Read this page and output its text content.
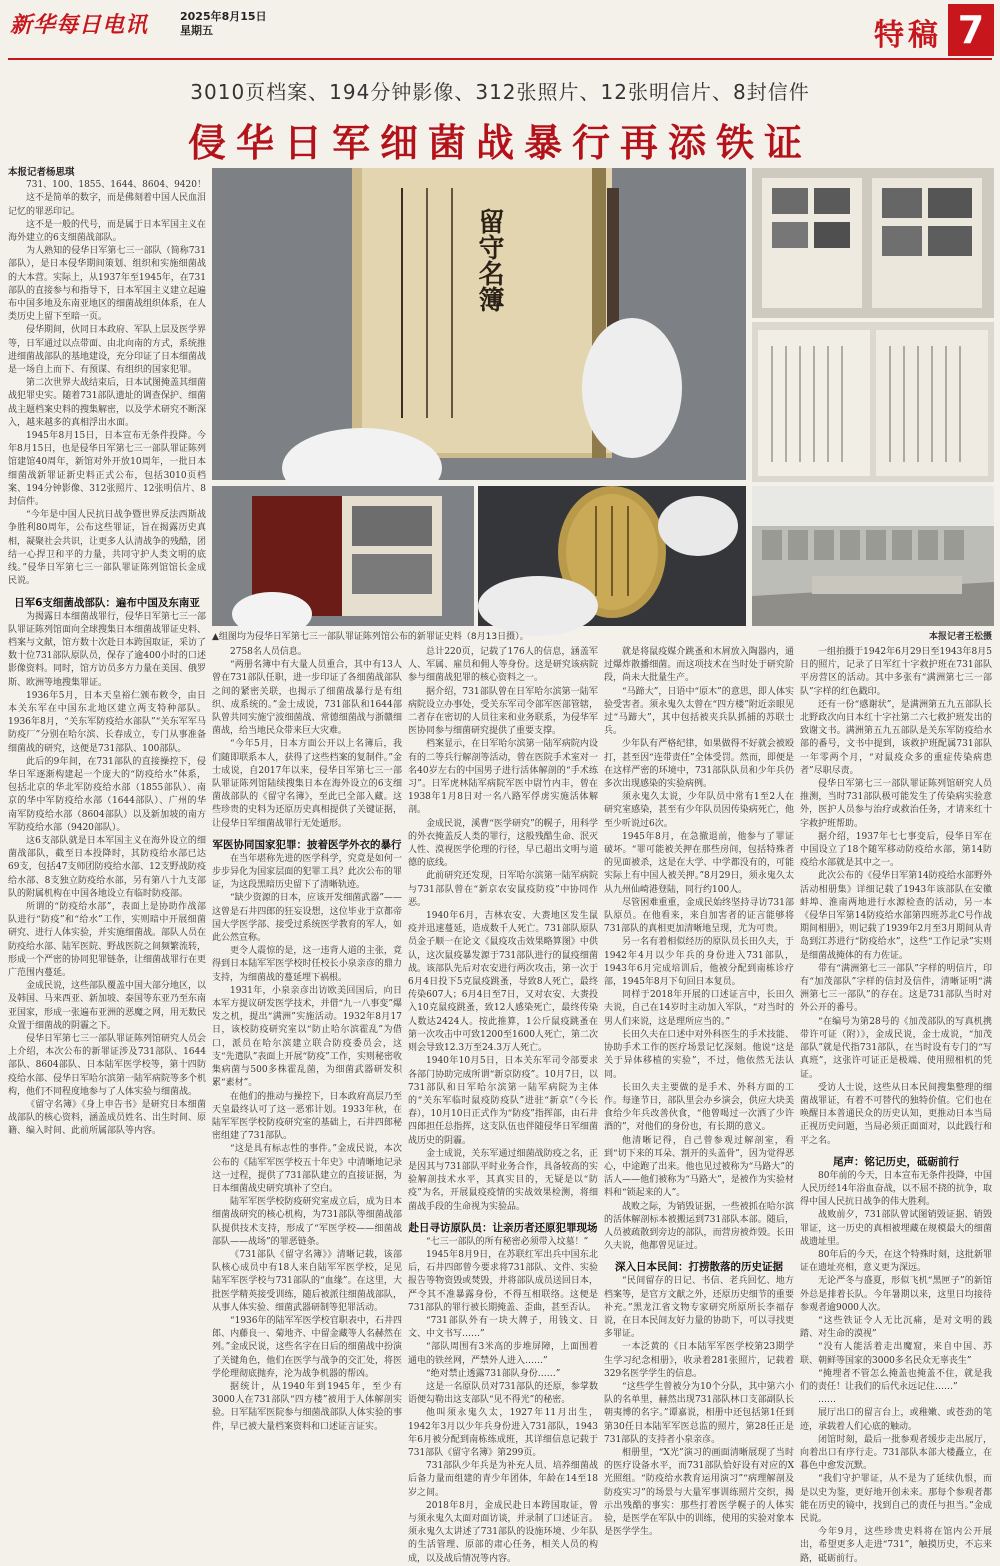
新华每日电讯	2025年8月15日
星期五	特稿 7
3010页档案、194分钟影像、312张照片、12张明信片、8封信件
侵华日军细菌战暴行再添铁证
留守名簿
▲组图均为侵华日军第七三一部队罪证陈列馆公布的新罪证史料（8月13日摄）。	本报记者王松摄

本报记者杨思琪

731、100、1855、1644、8604、9420！

这不是简单的数字，而是佛刻着中国人民血泪记忆的罪恶印记。

这不是一般的代号，而是属于日本军国主义在海外建立的6支细菌战部队。

为人熟知的侵华日军第七三一部队（简称731部队），是日本侵华期间策划、组织和实施细菌战的大本营。实际上，从1937年至1945年，在731部队的直接参与和指导下，日本军国主义建立起遍布中国多地及东南亚地区的细菌战组织体系，在人类历史上留下至暗一页。

侵华期间，伙同日本政府、军队上层及医学界等，日军通过以点带面、由北向南的方式，系统推进细菌战部队的基地建设，充分印证了日本细菌战是一场自上而下、有预谋、有组织的国家犯罪。

第二次世界大战结束后，日本试图掩盖其细菌战犯罪史实。随着731部队遗址的调查保护、细菌战主题档案史料的搜集解密，以及学术研究不断深入，越来越多的真相浮出水面。

1945年8月15日，日本宣布无条件投降。今年8月15日，也是侵华日军第七三一部队罪证陈列馆建馆40周年，新馆对外开放10周年，一批日本细菌战新罪证新史料正式公布，包括3010页档案、194分钟影像、312张照片、12张明信片、8封信件。

“今年是中国人民抗日战争暨世界反法西斯战争胜利80周年，公布这些罪证，旨在揭露历史真相，凝聚社会共识，让更多人认清战争的残酷，团结一心捍卫和平的力量，共同守护人类文明的底线。”侵华日军第七三一部队罪证陈列馆馆长金成民说。

日军6支细菌战部队：遍布中国及东南亚

为揭露日本细菌战罪行，侵华日军第七三一部队罪证陈列馆面向全球搜集日本细菌战罪证史料、档案与文献，馆方数十次赴日本跨国取证，采访了数十位731部队原队员，保存了逾400小时的口述影像资料。同时，馆方访员多方力量在美国、俄罗斯、欧洲等地搜集罪证。

1936年5月，日本天皇裕仁颁布敕令，由日本关东军在中国东北地区建立两支特种部队。1936年8月，“关东军防疫给水部队”“关东军军马防疫厂”分别在哈尔滨、长春成立，专门从事准备细菌战的研究，这便是731部队、100部队。

此后的9年间，在731部队的直接操控下，侵华日军逐渐构建起一个庞大的“防疫给水”体系，包括北京的华北军防疫给水部（1855部队）、南京的华中军防疫给水部（1644部队）、广州的华南军防疫给水部（8604部队）以及新加坡的南方军防疫给水部（9420部队）。

这6支部队就是日本军国主义在海外设立的细菌战部队，截至日本投降时，其防疫给水部已达69支，包括47支师团防疫给水部、12支野战防疫给水部、8支独立防疫给水部，另有第八十九支部队的附属机构在中国各地设立有临时防疫部。

所谓的“防疫给水部”，表面上是协助作战部队进行“防疫”和“给水”工作，实则暗中开展细菌研究、进行人体实验，并实施细菌战。部队人员在防疫给水部、陆军医院、野战医院之间频繁流转，形成一个严密的协同犯罪链条，让细菌战罪行在更广范围内蔓延。

金成民说，这些部队覆盖中国大部分地区，以及韩国、马来西亚、新加坡、泰国等东亚乃至东南亚国家，形成一张遍布亚洲的恶魔之网，用无数民众置于细菌战的阴霾之下。

侵华日军第七三一部队罪证陈列馆研究人员会上介绍，本次公布的新罪证涉及731部队、1644部队、8604部队、日本陆军医学校等，第十四防疫给水部、侵华日军哈尔滨第一陆军病院等多个机构，他们不同程度地参与了人体实验与细菌战。

《留守名簿》《身上申告书》是研究日本细菌战部队的核心资料，涵盖成员姓名、出生时间、原籍、编入时间、此前所属部队等内容。

2758名人员信息。

“两册名簿中有大量人员重合，其中有13人曾在731部队任职，进一步印证了各细菌战部队之间的紧密关联，也揭示了细菌战暴行是有组织、成系统的。”金士成说，731部队和1644部队曾共同实施宁波细菌战、常德细菌战与浙赣细菌战，给当地民众带来巨大灾难。

“今年5月，日本方面公开以上名簿后，我们随即联系本人，获得了这些档案的复制件。”金士成说，自2017年以来，侵华日军第七三一部队罪证陈列馆陆续搜集日本在海外设立的6支细菌战部队的《留守名簿》，至此已全部入藏。这些珍贵的史料为还原历史真相提供了关键证据，让侵华日军细菌战罪行无处遁形。

军医协同国家犯罪：披着医学外衣的暴行

在当年堪称先进的医学科学，究竟是如何一步步异化为国家层面的犯罪工具？此次公布的罪证，为这段黑暗历史留下了清晰轨迹。

“缺少资源的日本，应该开发细菌武器”——这曾是石井四郎的狂妄设想，这位毕业于京都帝国大学医学部、接受过系统医学教育的军人，如此公然宣称。

更令人震惊的是，这一违背人道的主张，竟得到日本陆军军医学校时任校长小泉亲彦的鼎力支持，为细菌战的蔓延埋下祸根。

1931年，小泉亲彦出访欧美回国后，向日本军方提议研发医学技术，并借“九一八事变”爆发之机，提出“满洲”实施活动。1932年8月17日，该校防疫研究室以“防止哈尔滨霍乱”为借口，派员在哈尔滨建立联合防疫委员会，这支“先遣队”表面上开展“防疫”工作，实则秘密收集病菌与500多株霍乱菌，为细菌武器研发积累“素材”。

在他们的推动与操控下，日本政府高层乃至天皇最终认可了这一恶邪计划。1933年秋，在陆军军医学校防疫研究室的基础上，石井四郎秘密组建了731部队。

“这是具有标志性的事件。”金成民说，本次公布的《陆军军医学校五十年史》中清晰地记录这一过程，提供了731部队建立的直接证据，为日本细菌战史研究填补了空白。

陆军军医学校防疫研究室成立后，成为日本细菌战研究的核心机构，为731部队等细菌战部队提供技术支持，形成了“军医学校——细菌战部队——战场”的罪恶链条。

《731部队《留守名簿》》清晰记载，该部队核心成员中有18人来自陆军军医学校，足见陆军军医学校与731部队的“血缘”。在这里，大批医学精英接受训练，随后被派往细菌战部队，从事人体实验、细菌武器研制等犯罪活动。

“1936年的陆军军医学校官职表中，石井四郎、内藤良一、菊地齐、中留金藏等人名赫然在列。”金成民说，这些名字在日后的细菌战中扮演了关键角色，他们在医学与战争的交汇处，将医学伦理彻底抛弃，沦为战争机器的帮凶。

据统计，从1940年到1945年，至少有3000人在731部队“四方楼”被用于人体解剖实验。日军陆军医院参与细菌战部队人体实验的事件，早已被大量档案资料和口述证言证实。

总计220页，记载了176人的信息，涵盖军人、军属、雇员和佣人等身份。这是研究该病院参与细菌战犯罪的核心资料之一。

据介绍，731部队曾在日军哈尔滨第一陆军病院设立办事处，受关东军司令部军医部管辖，二者存在密切的人员往来和业务联系，为侵华军医协同参与细菌研究提供了重要支撑。

档案显示，在日军哈尔滨第一陆军病院内设有的二等兵行解剖等活动，曾在医院手术室对一名40岁左右的中国男子进行活体解剖的“手术练习”。日军虎林陆军病院军医中尉竹内丰，曾在1938年1月8日对一名八路军俘虏实施活体解剖。

金成民说，溪曹“医学研究”的幌子，用科学的外衣掩盖反人类的罪行，这般残酷生命、泯灭人性、漠视医学伦理的行径，早已超出文明与道德的底线。

此前研究还发现，日军哈尔滨第一陆军病院与731部队曾在“新京农安鼠疫防疫”中协同作恶。

1940年6月，吉林农安、大赉地区发生鼠疫并迅速蔓延，造成数千人死亡。731部队原队员金子顺一在论文《鼠疫攻击效果略算图》中供认，这次鼠疫暴发源于731部队进行的鼠疫细菌战。该部队先后对农安进行两次攻击，第一次于6月4日投下5克鼠疫跳蚤，导致8人死亡，最终传染607人；6月4日至7日，又对农安、大赉投入10克鼠疫跳蚤，致12人感染死亡，最终传染人数达2424人。按此推算，1公斤鼠疫跳蚤在第一次攻击中可致1200至1600人死亡，第二次则会导致12.3万至24.3万人死亡。

1940年10月5日，日本关东军司令部要求各部门协助完成所谓“新京防疫”。10月7日，以731部队和日军哈尔滨第一陆军病院为主体的“关东军临时鼠疫防疫队”进驻“新京”（今长春），10月10日正式作为“防疫”指挥部，由石井四郎担任总指挥，这支队伍也伴随侵华日军细菌战历史的阴霾。

金士成说，关东军通过细菌战防疫之名，正是因其与731部队平时业务合作，具备较高的实验解剖技术水平，其真实目的，无疑是以“防疫”为名，开展鼠疫疫情的实战效果检测，将细菌战手段的生命视为实验品。

赴日寻访原队员：让亲历者还原犯罪现场

“七三一部队的所有秘密必须带入坟墓！”

1945年8月9日，在苏联红军出兵中国东北后，石井四郎曾今要求将731部队、文件、实验报告等物资毁或焚毁，并将部队成员送回日本，严令其不准暴露身份，不得互相联络。这便是731部队的罪行被长期掩盖、歪曲，甚至否认。

“731部队外有一块大牌子，用钱文、日文、中文书写……”

“部队周围有3米高的步堆屏障，上面围着通电的铁丝网，严禁外人进入……”

“绝对禁止透露731部队身份……”

这是一名原队员对731部队的还原，参掌数语便勾勒出这支部队“见不得光”的秘密。

他叫须永鬼久太，1927年11月出生，1942年3月以少年兵身份进入731部队，1943年6月被分配到南栋练成班，其详细信息记载于731部队《留守名簿》第299页。

731部队少年兵是为补充人员、培养细菌战后备力量而组建的青少年团体，年龄在14至18岁之间。

2018年8月，金成民赴日本跨国取证，曾与须永鬼久太面对面访谈，并录制了口述证言。须永鬼久太讲述了731部队的设施环境、少年队的生活管理、原部的肃心任务，相关人员的构成，以及战后情况等内容。

就是将鼠疫媒介跳蚤和木屑放入陶器内，通过爆炸散播细菌。而这项技术在当时处于研究阶段，尚未大批量生产。

“马蹄大”，日语中“原木”的意思，即人体实验受害者。须永鬼久太曾在“四方楼”附近亲眼见过“马蹄大”，其中包括被夹兵队抓捕的苏联士兵。

少年队有严格纪律，如果做得不好就会被殴打，甚至因“连带责任”全体受罚。然而，即便是在这样严密的环境中，731部队队员和少年兵仍多次出现感染的实验病例。

须永鬼久太说，少年队员中常有1至2人在研究室感染，甚至有少年队员因传染病死亡，他至少听说过6次。

1945年8月，在急撤退前，他参与了罪证破坏。“罪可能被关押在那些房间，包括特殊者的见面被杀，这是在大学、中学都没有的，可能实际上有中国人被关押。”8月29日，须永鬼久太从九州仙崎港登陆，同行约100人。

尽管困难重重，金成民始终坚持寻访731部队原员。在他看来，来自加害者的证言能够将731部队的真相更加清晰地呈现，尤为可贵。

另一名有着相似经历的原队员长田久夫，于1942年4月以少年兵的身份进入731部队，1943年6月完成培训后，他被分配到南栋诊疗部，1945年8月下旬回日本复员。

同样于2018年开展的口述证言中，长田久夫说，自己在14岁时主动加入军队，“对当时的男人们来说，这是理所应当的。”

长田久夫在口述中对外科医生的手术技能、协助手术工作的医疗场景记忆深刻。他说“这是关于异体移植的实验”，不过，他依然无法认同。

长田久夫主要做的是手术、外科方面的工作。每逢节日，部队里会办乡演会，供应大块美食给少年兵改善伙食，“他曾喝过一次洒了少许酒的”，对他们的身份也，有长期的意义。

他清晰记得，自己曾参观过解剖室，看到“切下来的耳朵、割开的头盖骨”，因为觉得恶心，中途跑了出来。他也见过被称为“马路大”的活人——他们被称为“马路大”，是被作为实验材料和“锁起来的人”。

战败之际，为销毁证据，一些被抓在哈尔滨的活体解剖标本被搬运到731部队本部。随后，人员被疏散到旁边的部队，而营房被炸毁。长田久夫说，他都曾见证过。

深入日本民间：打捞散落的历史证据

“民间留存的日记、书信、老兵回忆、地方档案等，是官方文献之外，还原历史细节的重要补充。”黑龙江省文物专家研究所原所长李福存说，在日本民间友好力量的协助下，可以寻找更多罪证。

一本泛黄的《日本陆军军医学校第23期学生学习纪念相册》，收录着281张照片，记载着329名医学学生的信息。

“这些学生曾被分为10个分队，其中第六小队的名单里，赫然出现731部队林口支部副队长朝夷博的名字。”谭嘉说，相册中还包括第1任到第30任日本陆军军医总监的照片，第28任正是731部队的支持者小泉亲彦。

相册里，“X光”演习的画面清晰展现了当时的医疗设备水平，而731部队恰好设有对应的X光照组。“防疫给水教育运用演习”“病理解剖及防疫实习”的场景与大量军事训练照片交织，揭示出残酷的事实：那些打着医学幌子的人体实验，是医学在军队中的训练，使用的实验对象本是医学学生。

一组拍摄于1942年6月29日至1943年8月5日的照片，记录了日军红十字救护班在731部队平房营区的活动。其中多张有“满洲第七三一部队”字样的红色戳印。

还有一份“感谢状”，是满洲第五九五部队长北野政次向日本红十字社第二六七救护班发出的致谢文书。满洲第五九五部队是关东军防疫给水部的番号，文书中提到，该救护班配属731部队一年零两个月，“对鼠疫众多的重症传染病患者”尽职尽责。

侵华日军第七三一部队罪证陈列馆研究人员推测，当时731部队极可能发生了传染病实验意外，医护人员参与治疗或救治任务，才请来红十字救护班帮助。

据介绍，1937年七七事变后，侵华日军在中国设立了18个随军移动防疫给水部，第14防疫给水部就是其中之一。

此次公布的《侵华日军第14防疫给水部野外活动相册集》详细记载了1943年该部队在安徽蚌埠、淮南两地进行水源检查的活动，另一本《侵华日军第14防疫给水部第四班苏北C号作战期间相册》，则记载了1939年2月至3月期间从青岛到江苏进行“防疫给水”，这些“工作记录”实则是细菌战掩体的有力佐证。

带有“满洲第七三一部队”字样的明信片，印有“加茂部队”字样的信封及信件，清晰证明“满洲第七三一部队”的存在。这是731部队当时对外公开的番号。

“在编号为第28号的《加茂部队的写真机携带许可证（附）》，金成民说，金士成说，“加茂部队”就是代指731部队，在当时设有专门的“写真班”，这张许可证正是极端、使用照相机的凭证。

受访人士说，这些从日本民间搜集整理的细菌战罪证，有着不可替代的独特价值。它们也在唤醒日本普通民众的历史认知，更推动日本当局正视历史问题，当局必须正面面对，以此践行和平之名。

尾声：铭记历史，砥砺前行

80年前的今天，日本宣布无条件投降，中国人民历经14年浴血奋战，以不屈不挠的抗争，取得中国人民抗日战争的伟大胜利。

战败前夕，731部队曾试图销毁证据、销毁罪证，这一历史的真相被埋藏在规模最大的细菌战遗址里。

80年后的今天，在这个特殊时刻，这批新罪证在遗址亮相，意义更为深远。

无论严冬与盛夏，形似飞机“黑匣子”的新馆外总是排着长队。今年暑期以来，这里日均接待参观者逾9000人次。

“这些铁证令人无比沉痛，是对文明的践踏、对生命的漠视”

“没有人能活着走出魔窟，来自中国、苏联、朝鲜等国家的3000多名民众无辜丧生”

“掩埋者不管怎么掩盖也掩盖不住，就是我们的责任！让我们的后代永远记住……”

……

展厅出口的留言台上，或稚嫩、或苍劲的笔迹，承载着人们心底的触动。

闭馆时刻，最后一批参观者缓步走出展厅，向着出口有序行走。731部队本部大楼矗立，在暮色中愈发沉默。

“我们守护罪证，从不是为了延续仇恨，而是以史为鉴，更好地开创未来。那每个参观者都能在历史的镜中，找到自己的责任与担当。”金成民说。

今年9月，这些珍贵史料将在馆内公开展出，希望更多人走进“731”，触摸历史，不忘来路，砥砺前行。
